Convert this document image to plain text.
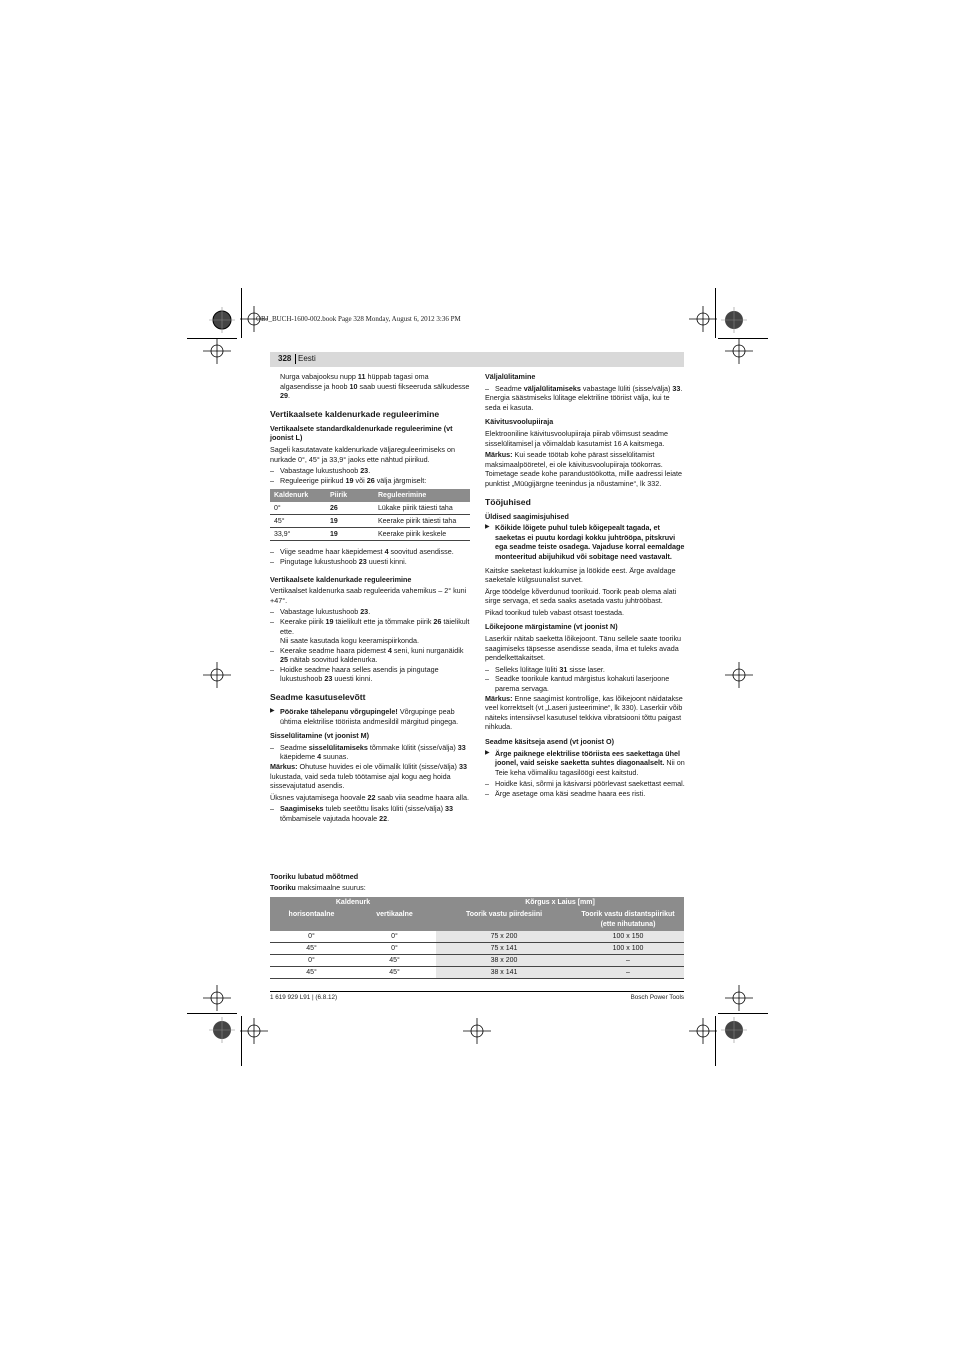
OBJ_BUCH-1600-002.book Page 328 Monday, August 6, 2012 3:36 PM
328 Eesti

Nurga vabajooksu nupp 11 hüppab tagasi oma algasendisse ja hoob 10 saab uuesti fikseeruda sälkudesse 29.

Vertikaalsete kaldenurkade reguleerimine

Vertikaalsete standardkaldenurkade reguleerimine (vt joonist L)

Sageli kasutatavate kaldenurkade väljareguleerimiseks on nurkade 0°, 45° ja 33,9° jaoks ette nähtud piirikud.

– Vabastage lukustushoob 23.

– Reguleerige piirikud 19 või 26 välja järgmiselt:

Kaldenurk	Piirik	Reguleerimine
0°	26	Lükake piirik täiesti taha
45°	19	Keerake piirik täiesti taha
33,9°	19	Keerake piirik keskele

– Viige seadme haar käepidemest 4 soovitud asendisse.

– Pingutage lukustushoob 23 uuesti kinni.

Vertikaalsete kaldenurkade reguleerimine

Vertikaalset kaldenurka saab reguleerida vahemikus – 2° kuni +47°.

– Vabastage lukustushoob 23.

– Keerake piirik 19 täielikult ette ja tõmmake piirik 26 täielikult ette.
Nii saate kasutada kogu keeramispiirkonda.

– Keerake seadme haara pidemest 4 seni, kuni nurganäidik 25 näitab soovitud kaldenurka.

– Hoidke seadme haara selles asendis ja pingutage lukustushoob 23 uuesti kinni.

Seadme kasutuselevõtt

▶ Pöörake tähelepanu võrgupingele! Võrgupinge peab ühtima elektrilise tööriista andmesildil märgitud pingega.

Sisselülitamine (vt joonist M)

– Seadme sisselülitamiseks tõmmake lülitit (sisse/välja) 33 käepideme 4 suunas.

Märkus: Ohutuse huvides ei ole võimalik lülitit (sisse/välja) 33 lukustada, vaid seda tuleb töötamise ajal kogu aeg hoida sissevajutatud asendis.

Üksnes vajutamisega hoovale 22 saab viia seadme haara alla.

– Saagimiseks tuleb seetõttu lisaks lüliti (sisse/välja) 33 tõmbamisele vajutada hoovale 22.

Väljalülitamine

– Seadme väljalülitamiseks vabastage lüliti (sisse/välja) 33.

Energia säästmiseks lülitage elektriline tööriist välja, kui te seda ei kasuta.

Käivitusvoolupiiraja

Elektrooniline käivitusvoolupiiraja piirab võimsust seadme sisselülitamisel ja võimaldab kasutamist 16 A kaitsmega.

Märkus: Kui seade töötab kohe pärast sisselülitamist maksimaalpööretel, ei ole käivitusvoolupiiraja töökorras. Toimetage seade kohe parandustöökotta, mille aadressi leiate punktist „Müügijärgne teenindus ja nõustamine“, lk 332.

Tööjuhised

Üldised saagimisjuhised

▶ Kõikide lõigete puhul tuleb kõigepealt tagada, et saeketas ei puutu kordagi kokku juhtrööpa, pitskruvi ega seadme teiste osadega. Vajaduse korral eemaldage monteeritud abijuhikud või sobitage need vastavalt.

Kaitske saeketast kukkumise ja löökide eest. Ärge avaldage saeketale külgsuunalist survet.

Ärge töödelge kõverdunud toorikuid. Toorik peab olema alati sirge servaga, et seda saaks asetada vastu juhtrööbast.

Pikad toorikud tuleb vabast otsast toestada.

Lõikejoone märgistamine (vt joonist N)

Laserkiir näitab saeketta lõikejoont. Tänu sellele saate tooriku saagimiseks täpsesse asendisse seada, ilma et tuleks avada pendelkettakaitset.

– Selleks lülitage lüliti 31 sisse laser.

– Seadke toorikule kantud märgistus kohakuti laserjoone parema servaga.

Märkus: Enne saagimist kontrollige, kas lõikejoont näidatakse veel korrektselt (vt „Laseri justeerimine“, lk 330). Laserkiir võib näiteks intensiivsel kasutusel tekkiva vibratsiooni tõttu paigast nihkuda.

Seadme käsitseja asend (vt joonist O)

▶ Ärge paiknege elektrilise tööriista ees saekettaga ühel joonel, vaid seiske saeketta suhtes diagonaalselt. Nii on Teie keha võimaliku tagasilöögi eest kaitstud.

– Hoidke käsi, sõrmi ja käsivarsi pöörlevast saekettast eemal.

– Ärge asetage oma käsi seadme haara ees risti.

Tooriku lubatud mõõtmed
Tooriku maksimaalne suurus:
Kaldenurk		Kõrgus x Laius [mm]	
horisontaalne	vertikaalne	Toorik vastu piirdesiini	Toorik vastu distantspiirikut (ette nihutatuna)
0°	0°	75 x 200	100 x 150
45°	0°	75 x 141	100 x 100
0°	45°	38 x 200	–
45°	45°	38 x 141	–
1 619 929 L91 | (6.8.12)	Bosch Power Tools
